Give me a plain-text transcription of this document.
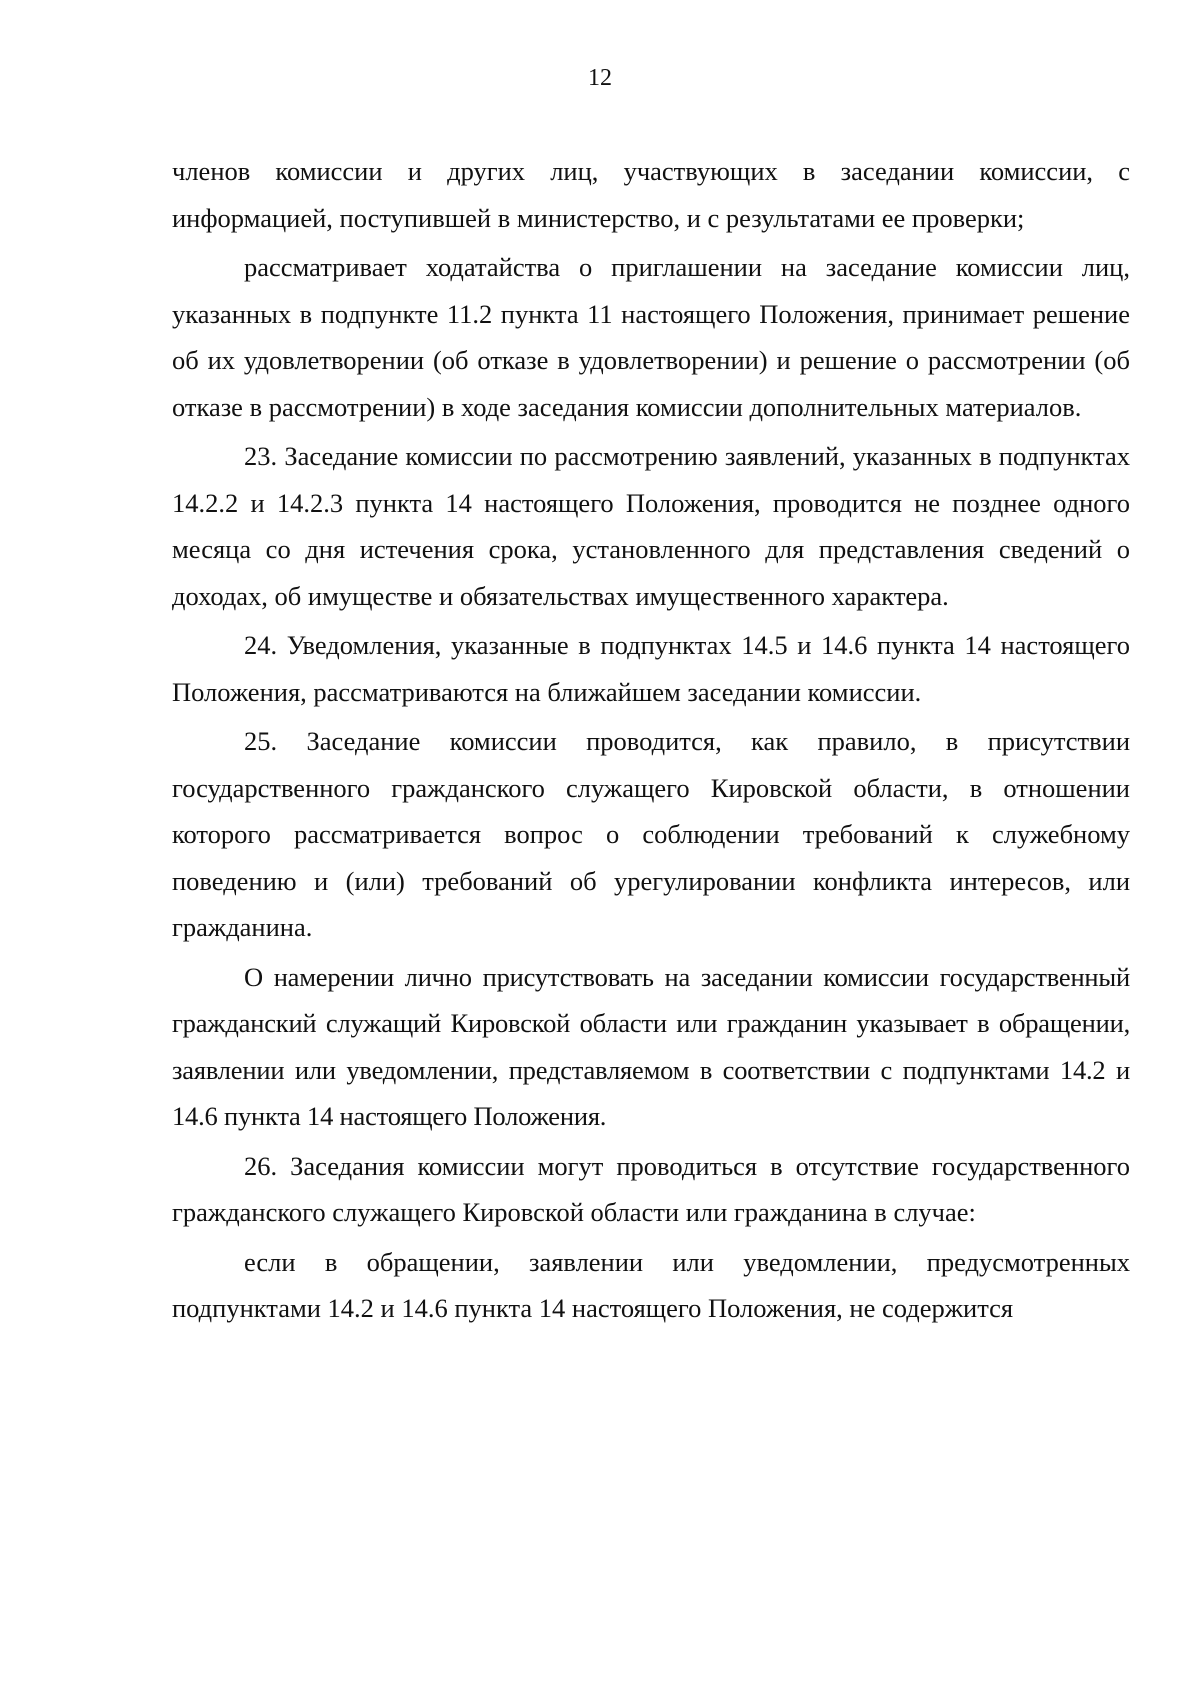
12

членов комиссии и других лиц, участвующих в заседании комиссии, с информацией, поступившей в министерство, и с результатами ее проверки;

рассматривает ходатайства о приглашении на заседание комиссии лиц, указанных в подпункте 11.2 пункта 11 настоящего Положения, принимает решение об их удовлетворении (об отказе в удовлетворении) и решение о рассмотрении (об отказе в рассмотрении) в ходе заседания комиссии дополнительных материалов.

23. Заседание комиссии по рассмотрению заявлений, указанных в подпунктах 14.2.2 и 14.2.3 пункта 14 настоящего Положения, проводится не позднее одного месяца со дня истечения срока, установленного для представления сведений о доходах, об имуществе и обязательствах имущественного характера.

24. Уведомления, указанные в подпунктах 14.5 и 14.6 пункта 14 настоящего Положения, рассматриваются на ближайшем заседании комиссии.

25. Заседание комиссии проводится, как правило, в присутствии государственного гражданского служащего Кировской области, в отношении которого рассматривается вопрос о соблюдении требований к служебному поведению и (или) требований об урегулировании конфликта интересов, или гражданина.

О намерении лично присутствовать на заседании комиссии государственный гражданский служащий Кировской области или гражданин указывает в обращении, заявлении или уведомлении, представляемом в соответствии с подпунктами 14.2 и 14.6 пункта 14 настоящего Положения.

26. Заседания комиссии могут проводиться в отсутствие государственного гражданского служащего Кировской области или гражданина в случае:

если в обращении, заявлении или уведомлении, предусмотренных подпунктами 14.2 и 14.6 пункта 14 настоящего Положения, не содержится
